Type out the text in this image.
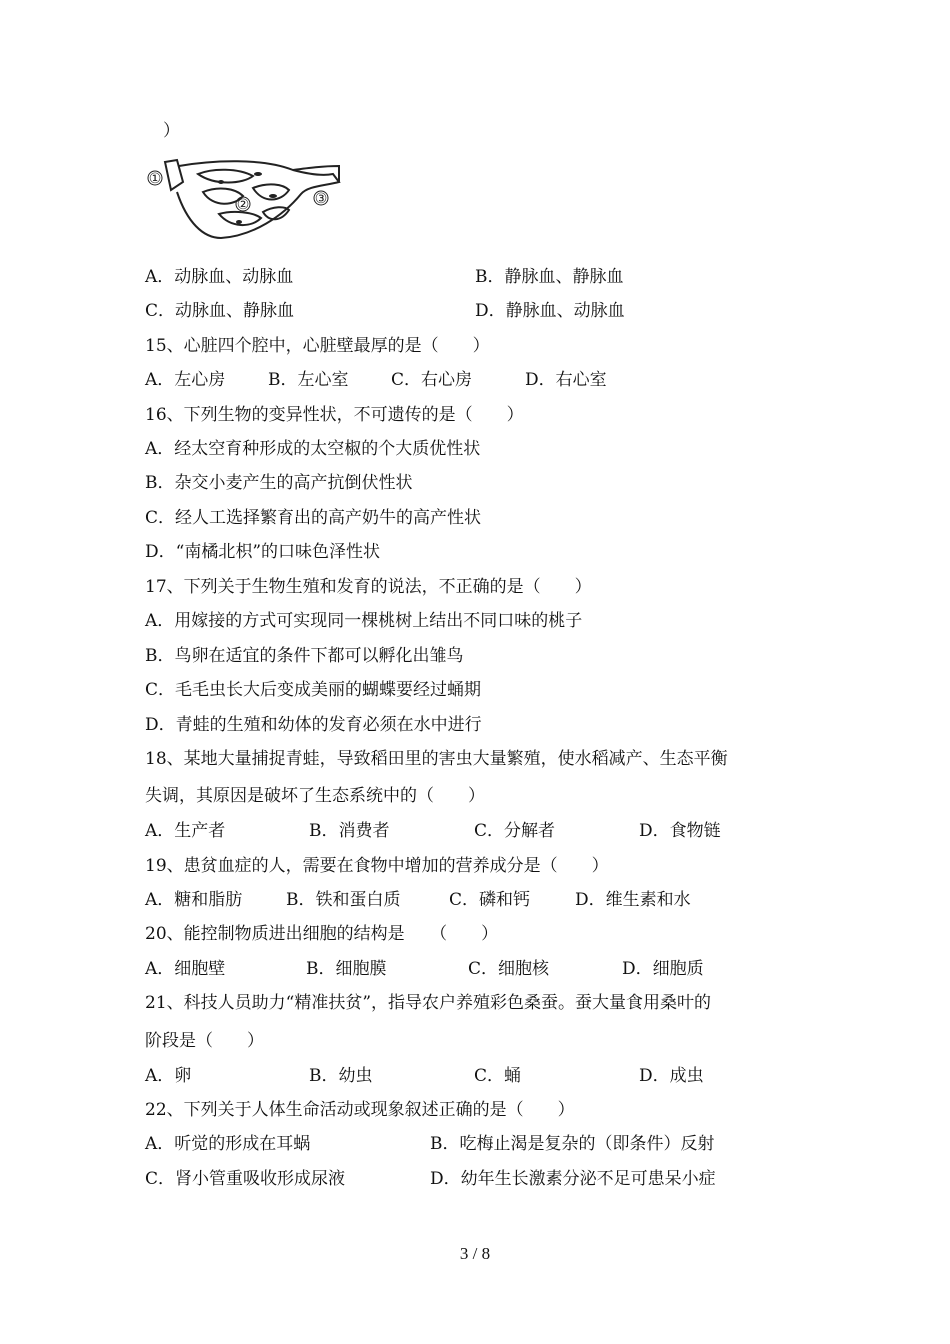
）
①
②	③
A．动脉血、动脉血	B．静脉血、静脉血
C．动脉血、静脉血	D．静脉血、动脉血
15、心脏四个腔中，心脏壁最厚的是（　　）
A．左心房	B．左心室	C．右心房	D．右心室
16、下列生物的变异性状，不可遗传的是（　　）
A．经太空育种形成的太空椒的个大质优性状
B．杂交小麦产生的高产抗倒伏性状
C．经人工选择繁育出的高产奶牛的高产性状
D．“南橘北枳”的口味色泽性状
17、下列关于生物生殖和发育的说法，不正确的是（　　）
A．用嫁接的方式可实现同一棵桃树上结出不同口味的桃子
B．鸟卵在适宜的条件下都可以孵化出雏鸟
C．毛毛虫长大后变成美丽的蝴蝶要经过蛹期
D．青蛙的生殖和幼体的发育必须在水中进行
18、某地大量捕捉青蛙，导致稻田里的害虫大量繁殖，使水稻减产、生态平衡
失调，其原因是破坏了生态系统中的（　　）
A．生产者	B．消费者	C．分解者	D．食物链
19、患贫血症的人，需要在食物中增加的营养成分是（　　）
A．糖和脂肪	B．铁和蛋白质	C．磷和钙	D．维生素和水
20、能控制物质进出细胞的结构是　　（　　）
A．细胞壁	B．细胞膜	C．细胞核	D．细胞质
21、科技人员助力“精准扶贫”，指导农户养殖彩色桑蚕。蚕大量食用桑叶的
阶段是（　　）
A．卵	B．幼虫	C．蛹	D．成虫
22、下列关于人体生命活动或现象叙述正确的是（　　）
A．听觉的形成在耳蜗	B．吃梅止渴是复杂的（即条件）反射
C．肾小管重吸收形成尿液	D．幼年生长激素分泌不足可患呆小症
3 / 8
